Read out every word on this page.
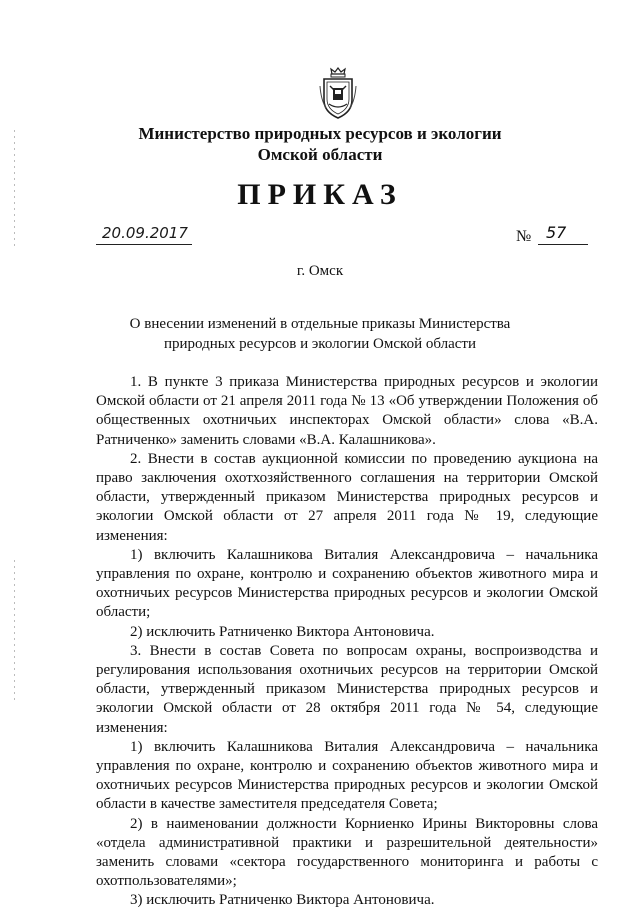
Министерство природных ресурсов и экологии
Омской области
ПРИКАЗ
20.09.2017	№ 57
г. Омск
О внесении изменений в отдельные приказы Министерства природных ресурсов и экологии Омской области

1. В пункте 3 приказа Министерства природных ресурсов и экологии Омской области от 21 апреля 2011 года № 13 «Об утверждении Положения об общественных охотничьих инспекторах Омской области» слова «В.А. Ратниченко» заменить словами «В.А. Калашникова».

2. Внести в состав аукционной комиссии по проведению аукциона на право заключения охотхозяйственного соглашения на территории Омской области, утвержденный приказом Министерства природных ресурсов и экологии Омской области от 27 апреля 2011 года № 19, следующие изменения:

1) включить Калашникова Виталия Александровича – начальника управления по охране, контролю и сохранению объектов животного мира и охотничьих ресурсов Министерства природных ресурсов и экологии Омской области;

2) исключить Ратниченко Виктора Антоновича.

3. Внести в состав Совета по вопросам охраны, воспроизводства и регулирования использования охотничьих ресурсов на территории Омской области, утвержденный приказом Министерства природных ресурсов и экологии Омской области от 28 октября 2011 года № 54, следующие изменения:

1) включить Калашникова Виталия Александровича – начальника управления по охране, контролю и сохранению объектов животного мира и охотничьих ресурсов Министерства природных ресурсов и экологии Омской области в качестве заместителя председателя Совета;

2) в наименовании должности Корниенко Ирины Викторовны слова «отдела административной практики и разрешительной деятельности» заменить словами «сектора государственного мониторинга и работы с охотпользователями»;

3) исключить Ратниченко Виктора Антоновича.
